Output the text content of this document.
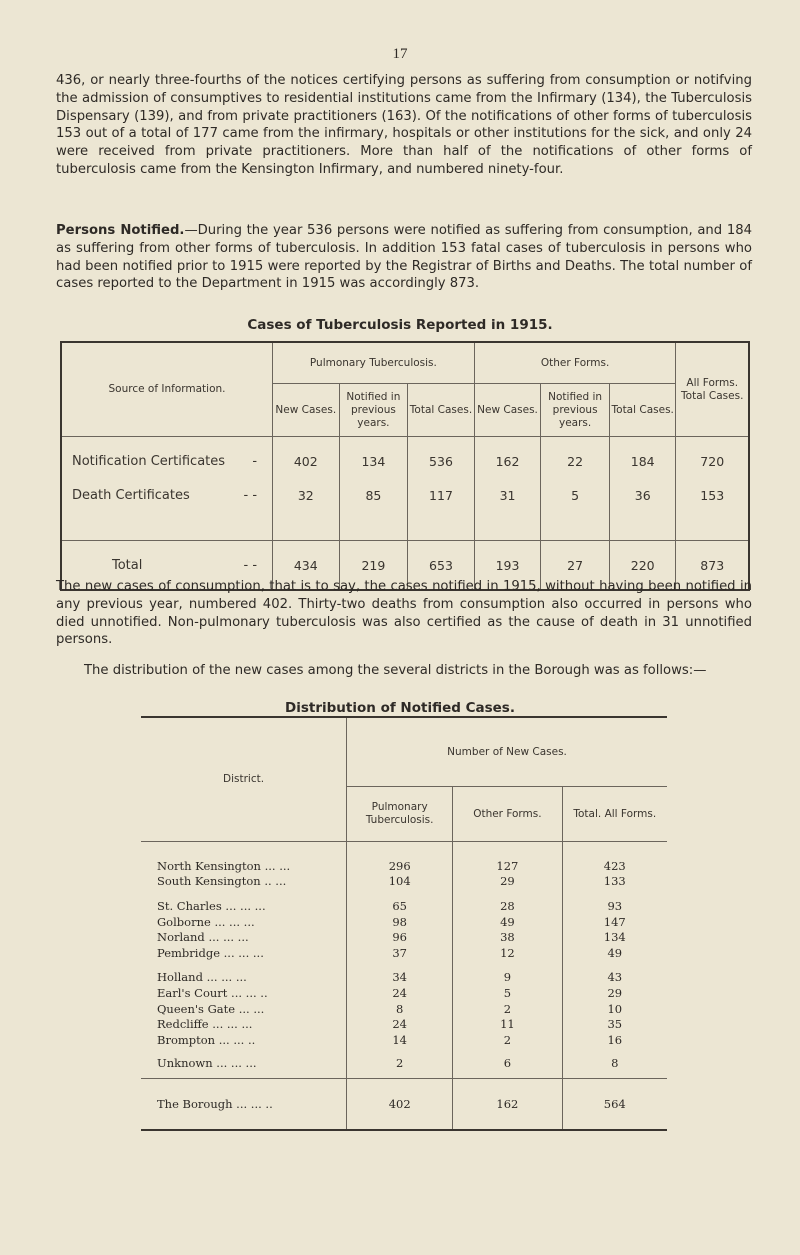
17

436, or nearly three-fourths of the notices certifying persons as suffering from consumption or notifving the admission of consumptives to residential institutions came from the Infirmary (134), the Tuberculosis Dispensary (139), and from private practitioners (163). Of the notifications of other forms of tuberculosis 153 out of a total of 177 came from the infirmary, hospitals or other institutions for the sick, and only 24 were received from private practitioners. More than half of the notifications of other forms of tuberculosis came from the Kensington Infirmary, and numbered ninety-four.

Persons Notified.—During the year 536 persons were notified as suffering from consumption, and 184 as suffering from other forms of tuberculosis. In addition 153 fatal cases of tuberculosis in persons who had been notified prior to 1915 were reported by the Registrar of Births and Deaths. The total number of cases reported to the Department in 1915 was accordingly 873.

Cases of Tuberculosis Reported in 1915.

Source of Information.	Pulmonary Tuberculosis.			Other Forms.			All Forms. Total Cases.
	New Cases.	Notified in previous years.	Total Cases.	New Cases.	Notified in previous years.	Total Cases.	
Notification Certificates -	402	134	536	162	22	184	720
Death Certificates - -	32	85	117	31	5	36	153

Total - -	434	219	653	193	27	220	873

The new cases of consumption, that is to say, the cases notified in 1915, without having been notified in any previous year, numbered 402. Thirty-two deaths from consumption also occurred in persons who died unnotified. Non-pulmonary tuberculosis was also certified as the cause of death in 31 unnotified persons.

The distribution of the new cases among the several districts in the Borough was as follows:—

Distribution of Notified Cases.

District.	Number of New Cases.		
	Pulmonary Tuberculosis.	Other Forms.	Total. All Forms.
North Kensington ... ...	296	127	423
South Kensington .. ...	104	29	133

St. Charles ... ... ...	65	28	93
Golborne ... ... ...	98	49	147
Norland ... ... ...	96	38	134
Pembridge ... ... ...	37	12	49

Holland ... ... ...	34	9	43
Earl's Court ... ... ..	24	5	29
Queen's Gate ... ...	8	2	10
Redcliffe ... ... ...	24	11	35
Brompton ... ... ..	14	2	16
Unknown ... ... ...	2	6	8
The Borough ... ... ..	402	162	564
